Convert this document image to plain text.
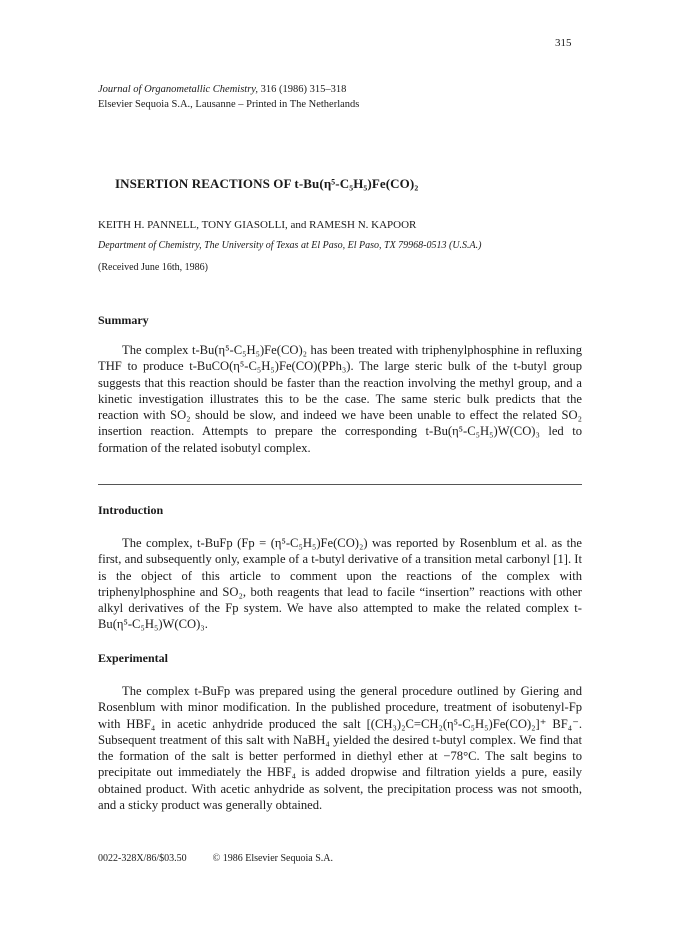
315
Journal of Organometallic Chemistry, 316 (1986) 315–318
Elsevier Sequoia S.A., Lausanne – Printed in The Netherlands
INSERTION REACTIONS OF t-Bu(η⁵-C₅H₅)Fe(CO)₂
KEITH H. PANNELL, TONY GIASOLLI, and RAMESH N. KAPOOR
Department of Chemistry, The University of Texas at El Paso, El Paso, TX 79968-0513 (U.S.A.)
(Received June 16th, 1986)
Summary
The complex t-Bu(η⁵-C₅H₅)Fe(CO)₂ has been treated with triphenylphosphine in refluxing THF to produce t-BuCO(η⁵-C₅H₅)Fe(CO)(PPh₃). The large steric bulk of the t-butyl group suggests that this reaction should be faster than the reaction involving the methyl group, and a kinetic investigation illustrates this to be the case. The same steric bulk predicts that the reaction with SO₂ should be slow, and indeed we have been unable to effect the related SO₂ insertion reaction. Attempts to prepare the corresponding t-Bu(η⁵-C₅H₅)W(CO)₃ led to formation of the related isobutyl complex.
Introduction
The complex, t-BuFp (Fp = (η⁵-C₅H₅)Fe(CO)₂) was reported by Rosenblum et al. as the first, and subsequently only, example of a t-butyl derivative of a transition metal carbonyl [1]. It is the object of this article to comment upon the reactions of the complex with triphenylphosphine and SO₂, both reagents that lead to facile “insertion” reactions with other alkyl derivatives of the Fp system. We have also attempted to make the related complex t-Bu(η⁵-C₅H₅)W(CO)₃.
Experimental
The complex t-BuFp was prepared using the general procedure outlined by Giering and Rosenblum with minor modification. In the published procedure, treatment of isobutenyl-Fp with HBF₄ in acetic anhydride produced the salt [(CH₃)₂C=CH₂(η⁵-C₅H₅)Fe(CO)₂]⁺ BF₄⁻. Subsequent treatment of this salt with NaBH₄ yielded the desired t-butyl complex. We find that the formation of the salt is better performed in diethyl ether at −78°C. The salt begins to precipitate out immediately the HBF₄ is added dropwise and filtration yields a pure, easily obtained product. With acetic anhydride as solvent, the precipitation process was not smooth, and a sticky product was generally obtained.
0022-328X/86/$03.50	© 1986 Elsevier Sequoia S.A.
